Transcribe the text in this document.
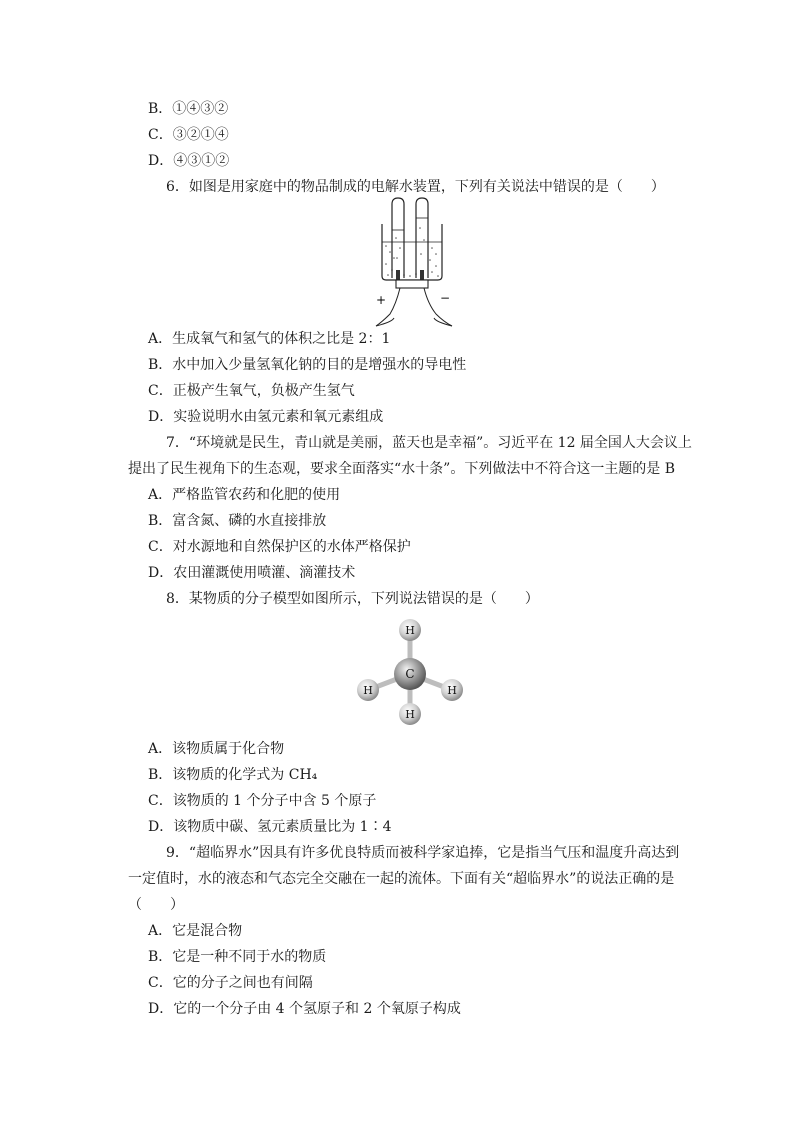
B．①④③②
C．③②①④
D．④③①②
6．如图是用家庭中的物品制成的电解水装置，下列有关说法中错误的是（　　）
+	−
A．生成氧气和氢气的体积之比是 2：1
B．水中加入少量氢氧化钠的目的是增强水的导电性
C．正极产生氧气，负极产生氢气
D．实验说明水由氢元素和氧元素组成
7．“环境就是民生，青山就是美丽，蓝天也是幸福”。习近平在 12 届全国人大会议上
提出了民生视角下的生态观，要求全面落实“水十条”。下列做法中不符合这一主题的是 B
A．严格监管农药和化肥的使用
B．富含氮、磷的水直接排放
C．对水源地和自然保护区的水体严格保护
D．农田灌溉使用喷灌、滴灌技术
8．某物质的分子模型如图所示，下列说法错误的是（　　）
H
H	H
H
C
A．该物质属于化合物
B．该物质的化学式为 CH₄
C．该物质的 1 个分子中含 5 个原子
D．该物质中碳、氢元素质量比为 1∶4
9．“超临界水”因具有许多优良特质而被科学家追捧，它是指当气压和温度升高达到
一定值时，水的液态和气态完全交融在一起的流体。下面有关“超临界水”的说法正确的是
（　　）
A．它是混合物
B．它是一种不同于水的物质
C．它的分子之间也有间隔
D．它的一个分子由 4 个氢原子和 2 个氧原子构成
